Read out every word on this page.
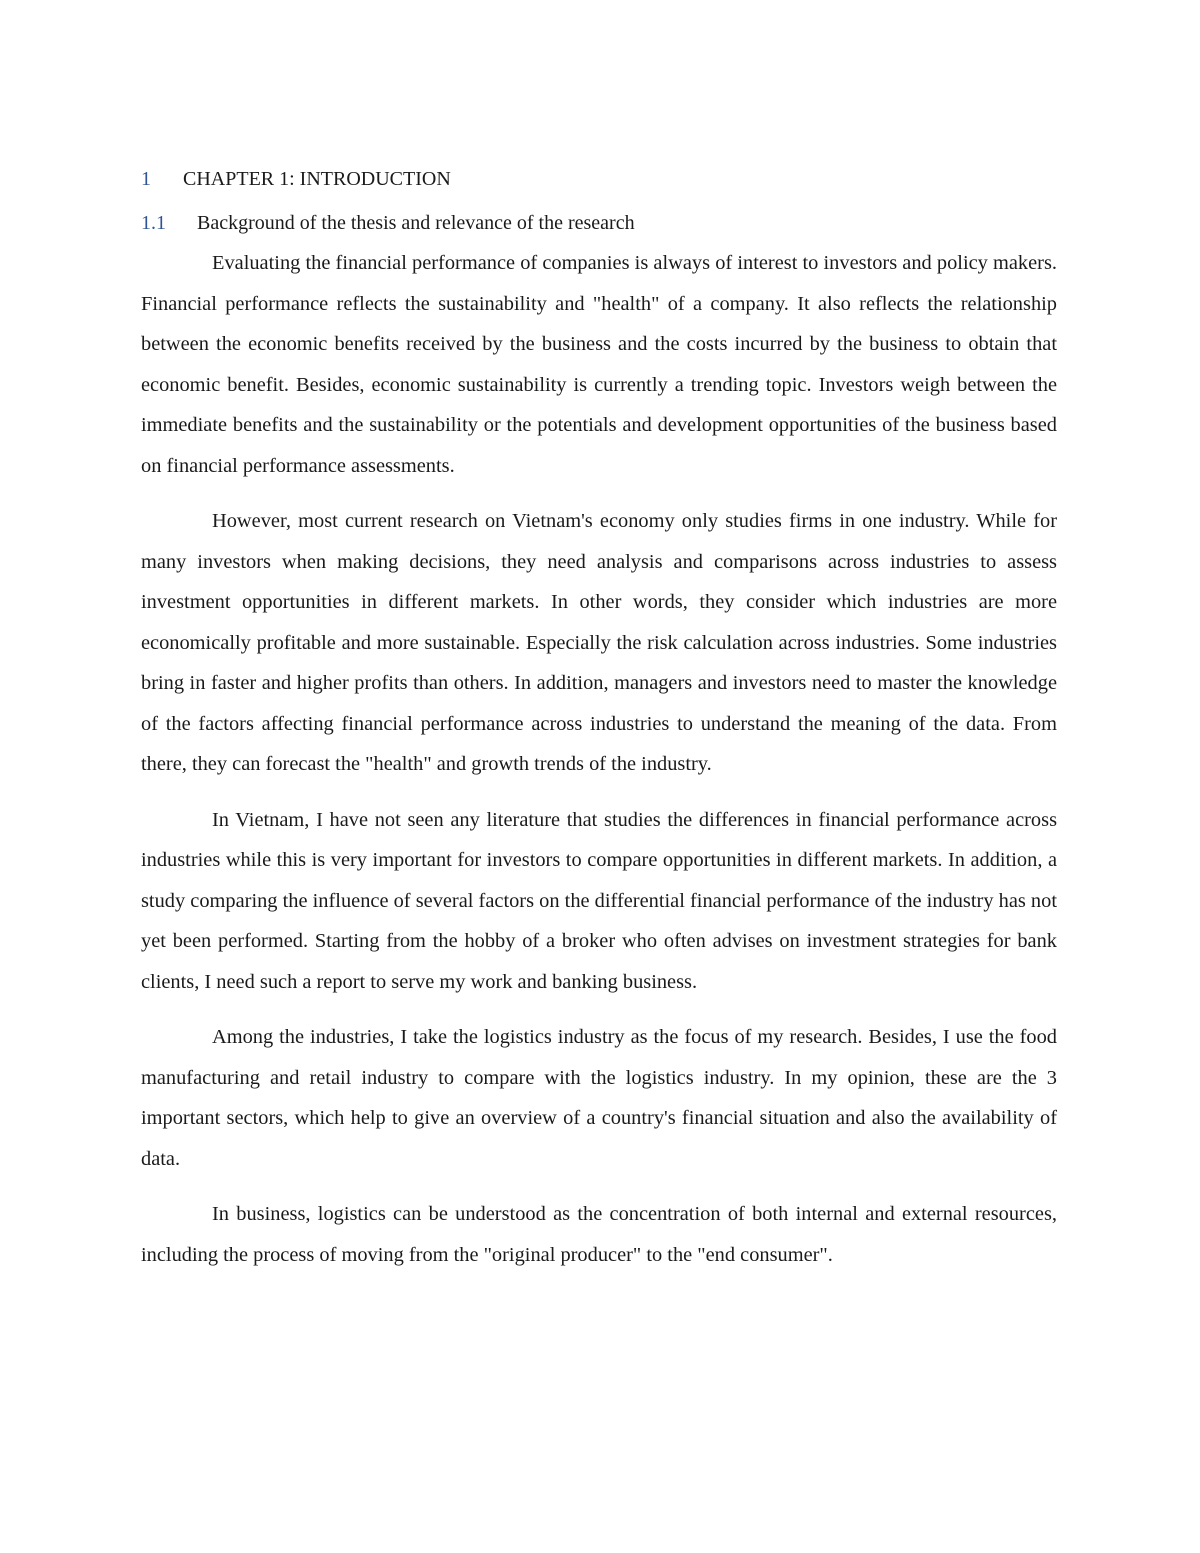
1	CHAPTER 1: INTRODUCTION
1.1	Background of the thesis and relevance of the research

Evaluating the financial performance of companies is always of interest to investors and policy makers. Financial performance reflects the sustainability and "health" of a company. It also reflects the relationship between the economic benefits received by the business and the costs incurred by the business to obtain that economic benefit. Besides, economic sustainability is currently a trending topic. Investors weigh between the immediate benefits and the sustainability or the potentials and development opportunities of the business based on financial performance assessments.

However, most current research on Vietnam's economy only studies firms in one industry. While for many investors when making decisions, they need analysis and comparisons across industries to assess investment opportunities in different markets. In other words, they consider which industries are more economically profitable and more sustainable. Especially the risk calculation across industries. Some industries bring in faster and higher profits than others. In addition, managers and investors need to master the knowledge of the factors affecting financial performance across industries to understand the meaning of the data. From there, they can forecast the "health" and growth trends of the industry.

In Vietnam, I have not seen any literature that studies the differences in financial performance across industries while this is very important for investors to compare opportunities in different markets. In addition, a study comparing the influence of several factors on the differential financial performance of the industry has not yet been performed. Starting from the hobby of a broker who often advises on investment strategies for bank clients, I need such a report to serve my work and banking business.

Among the industries, I take the logistics industry as the focus of my research. Besides, I use the food manufacturing and retail industry to compare with the logistics industry. In my opinion, these are the 3 important sectors, which help to give an overview of a country's financial situation and also the availability of data.

In business, logistics can be understood as the concentration of both internal and external resources, including the process of moving from the "original producer" to the "end consumer".
